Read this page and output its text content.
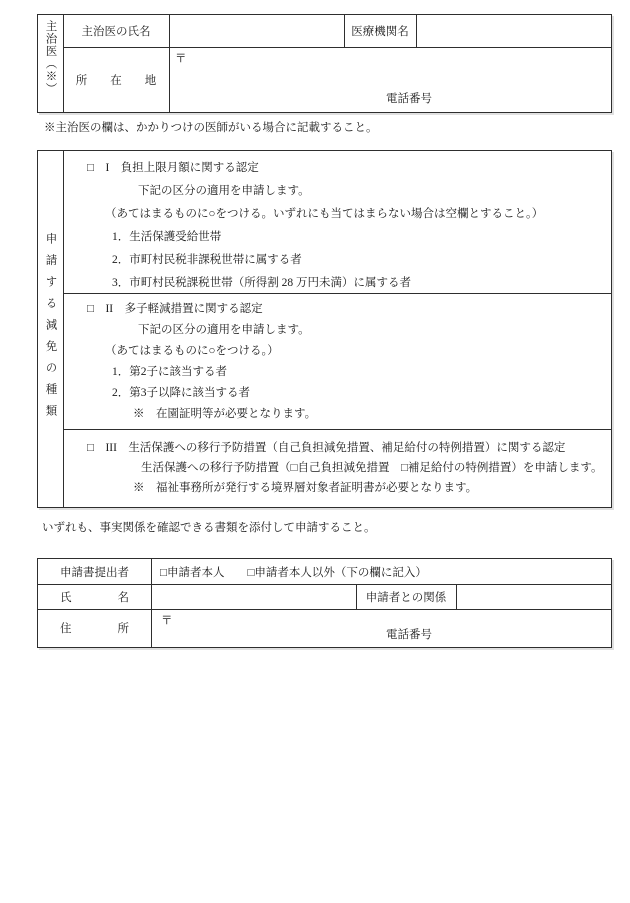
主治医（※） 主治医の氏名	医療機関名
所　　在　　地
〒
電話番号
※主治医の欄は、かかりつけの医師がいる場合に記載すること。
申請する減免の種類
□　I　負担上限月額に関する認定
下記の区分の適用を申請します。
（あてはまるものに○をつける。いずれにも当てはまらない場合は空欄とすること。）
1．生活保護受給世帯
2．市町村民税非課税世帯に属する者
3．市町村民税課税世帯（所得割 28 万円未満）に属する者
□　II　多子軽減措置に関する認定
下記の区分の適用を申請します。
（あてはまるものに○をつける。）
1．第2子に該当する者
2．第3子以降に該当する者
※　在園証明等が必要となります。
□　III　生活保護への移行予防措置（自己負担減免措置、補足給付の特例措置）に関する認定
生活保護への移行予防措置（□自己負担減免措置　□補足給付の特例措置）を申請します。
※　福祉事務所が発行する境界層対象者証明書が必要となります。
いずれも、事実関係を確認できる書類を添付して申請すること。
申請書提出者	□申請者本人　　□申請者本人以外（下の欄に記入）
氏　　　　名	申請者との関係
住　　　　所
〒
電話番号
